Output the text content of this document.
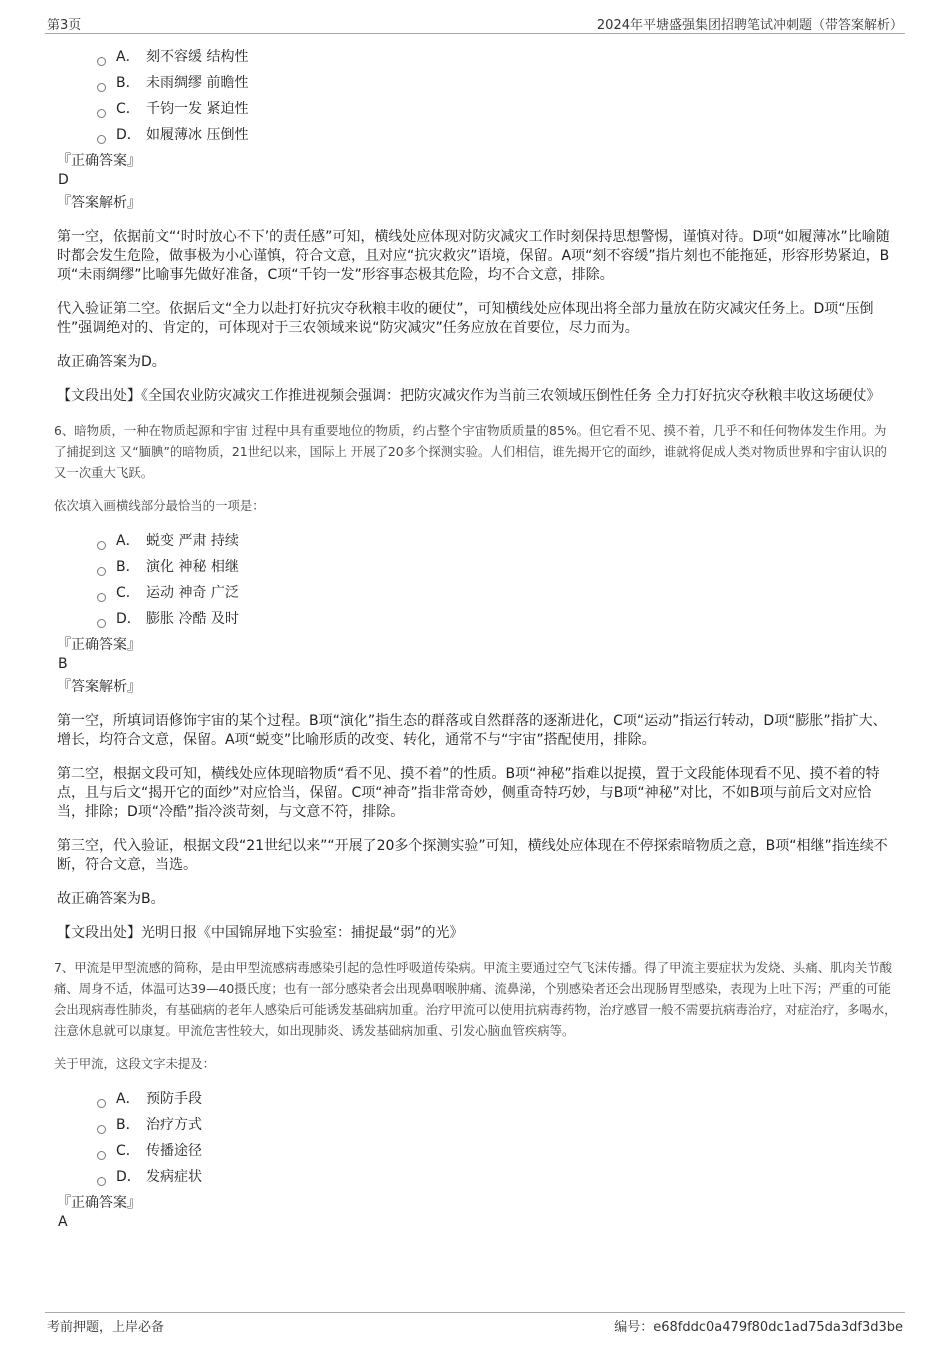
第3页	2024年平塘盛强集团招聘笔试冲刺题（带答案解析）
A． 刻不容缓 结构性
B． 未雨绸缪 前瞻性
C． 千钧一发 紧迫性
D． 如履薄冰 压倒性
『正确答案』
D
『答案解析』

第一空，依据前文“‘时时放心不下’的责任感”可知，横线处应体现对防灾减灾工作时刻保持思想警惕，谨慎对待。D项“如履薄冰”比喻随时都会发生危险，做事极为小心谨慎，符合文意，且对应“抗灾救灾”语境，保留。A项“刻不容缓”指片刻也不能拖延，形容形势紧迫，B项“未雨绸缪”比喻事先做好准备，C项“千钧一发”形容事态极其危险，均不合文意，排除。

代入验证第二空。依据后文“全力以赴打好抗灾夺秋粮丰收的硬仗”，可知横线处应体现出将全部力量放在防灾减灾任务上。D项“压倒性”强调绝对的、肯定的，可体现对于三农领域来说“防灾减灾”任务应放在首要位，尽力而为。

故正确答案为D。

【文段出处】《全国农业防灾减灾工作推进视频会强调：把防灾减灾作为当前三农领域压倒性任务 全力打好抗灾夺秋粮丰收这场硬仗》

6、暗物质，一种在物质起源和宇宙 过程中具有重要地位的物质，约占整个宇宙物质质量的85%。但它看不见、摸不着，几乎不和任何物体发生作用。为了捕捉到这 又“腼腆”的暗物质，21世纪以来，国际上 开展了20多个探测实验。人们相信，谁先揭开它的面纱，谁就将促成人类对物质世界和宇宙认识的又一次重大飞跃。

依次填入画横线部分最恰当的一项是：

A． 蜕变 严肃 持续
B． 演化 神秘 相继
C． 运动 神奇 广泛
D． 膨胀 冷酷 及时
『正确答案』
B
『答案解析』

第一空，所填词语修饰宇宙的某个过程。B项“演化”指生态的群落或自然群落的逐渐进化，C项“运动”指运行转动，D项“膨胀”指扩大、增长，均符合文意，保留。A项“蜕变”比喻形质的改变、转化，通常不与“宇宙”搭配使用，排除。

第二空，根据文段可知，横线处应体现暗物质“看不见、摸不着”的性质。B项“神秘”指难以捉摸，置于文段能体现看不见、摸不着的特点，且与后文“揭开它的面纱”对应恰当，保留。C项“神奇”指非常奇妙，侧重奇特巧妙，与B项“神秘”对比，不如B项与前后文对应恰当，排除；D项“冷酷”指冷淡苛刻，与文意不符，排除。

第三空，代入验证，根据文段“21世纪以来”“开展了20多个探测实验”可知，横线处应体现在不停探索暗物质之意，B项“相继”指连续不断，符合文意，当选。

故正确答案为B。

【文段出处】光明日报《中国锦屏地下实验室：捕捉最“弱”的光》

7、甲流是甲型流感的简称，是由甲型流感病毒感染引起的急性呼吸道传染病。甲流主要通过空气飞沫传播。得了甲流主要症状为发烧、头痛、肌肉关节酸痛、周身不适，体温可达39—40摄氏度；也有一部分感染者会出现鼻咽喉肿痛、流鼻涕，个别感染者还会出现肠胃型感染，表现为上吐下泻；严重的可能会出现病毒性肺炎，有基础病的老年人感染后可能诱发基础病加重。治疗甲流可以使用抗病毒药物，治疗感冒一般不需要抗病毒治疗，对症治疗，多喝水，注意休息就可以康复。甲流危害性较大，如出现肺炎、诱发基础病加重、引发心脑血管疾病等。

关于甲流，这段文字未提及：

A． 预防手段
B． 治疗方式
C． 传播途径
D． 发病症状
『正确答案』
A
考前押题，上岸必备	编号：e68fddc0a479f80dc1ad75da3df3d3be
